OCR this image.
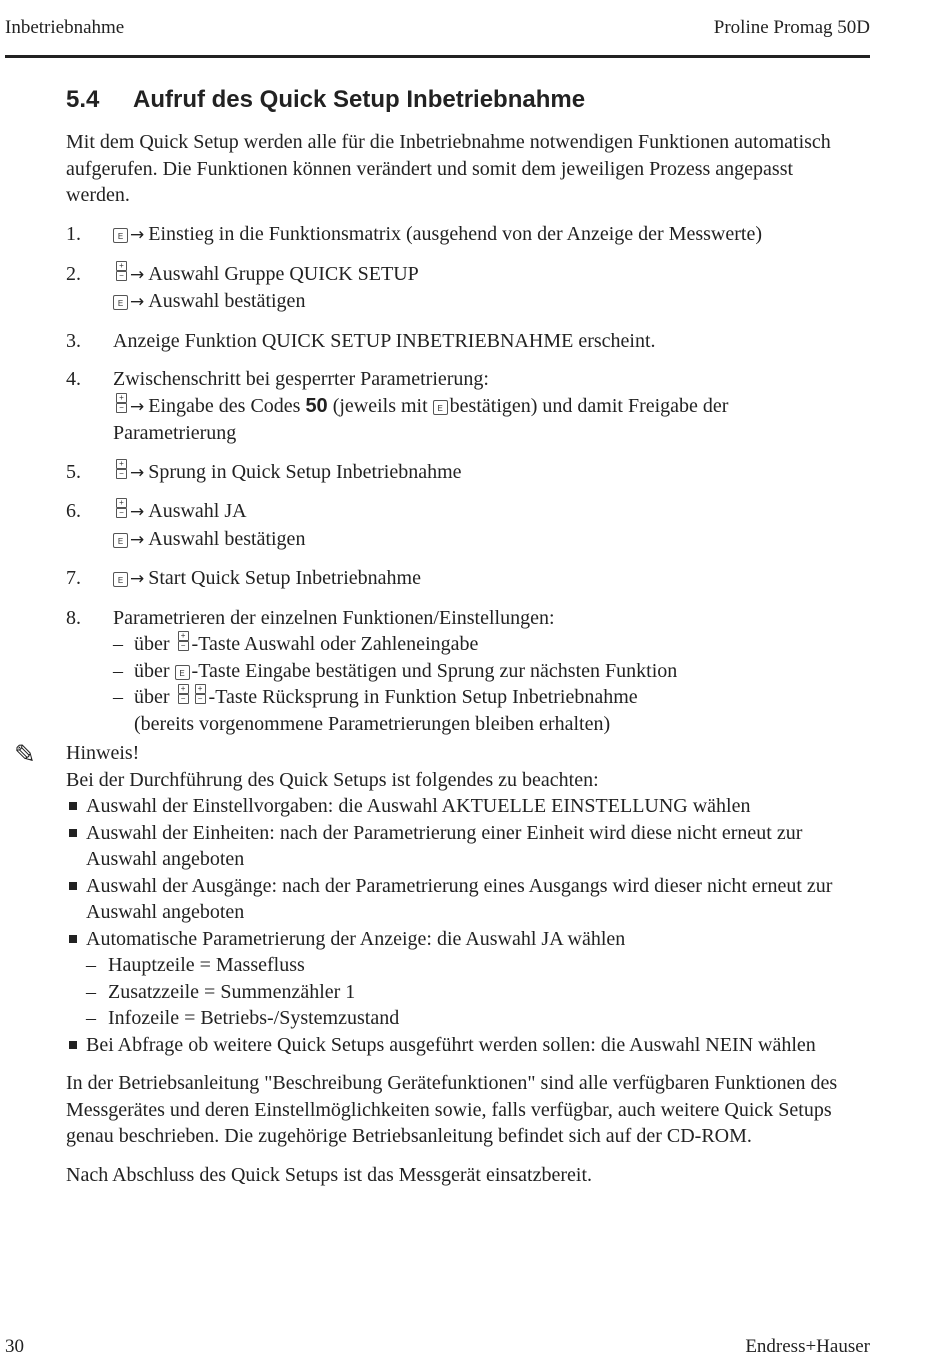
Inbetriebnahme	Proline Promag 50D
5.4 Aufruf des Quick Setup Inbetriebnahme

Mit dem Quick Setup werden alle für die Inbetriebnahme notwendigen Funktionen automatisch
aufgerufen. Die Funktionen können verändert und somit dem jeweiligen Prozess angepasst
werden.

1.	E → Einstieg in die Funktionsmatrix (ausgehend von der Anzeige der Messwerte)
2. + −	→ Auswahl Gruppe QUICK SETUP
E → Auswahl bestätigen
3. Anzeige Funktion QUICK SETUP INBETRIEBNAHME erscheint.
4. Zwischenschritt bei gesperrter Parametrierung:
+ −→ Eingabe des Codes 50 (jeweils mit E bestätigen) und damit Freigabe der
Parametrierung
5. + −	→ Sprung in Quick Setup Inbetriebnahme
6. + −	→ Auswahl JA
E → Auswahl bestätigen
7.	E → Start Quick Setup Inbetriebnahme
8. Parametrieren der einzelnen Funktionen/Einstellungen:
– über + − -Taste Auswahl oder Zahleneingabe
– über E -Taste Eingabe bestätigen und Sprung zur nächsten Funktion
– über + − + − -Taste Rücksprung in Funktion Setup Inbetriebnahme
(bereits vorgenommene Parametrierungen bleiben erhalten)
✎ Hinweis!
Bei der Durchführung des Quick Setups ist folgendes zu beachten:
Auswahl der Einstellvorgaben: die Auswahl AKTUELLE EINSTELLUNG wählen
Auswahl der Einheiten: nach der Parametrierung einer Einheit wird diese nicht erneut zur
Auswahl angeboten
Auswahl der Ausgänge: nach der Parametrierung eines Ausgangs wird dieser nicht erneut zur
Auswahl angeboten
Automatische Parametrierung der Anzeige: die Auswahl JA wählen
– Hauptzeile = Massefluss
– Zusatzzeile = Summenzähler 1
– Infozeile = Betriebs-/Systemzustand
Bei Abfrage ob weitere Quick Setups ausgeführt werden sollen: die Auswahl NEIN wählen

In der Betriebsanleitung "Beschreibung Gerätefunktionen" sind alle verfügbaren Funktionen des
Messgerätes und deren Einstellmöglichkeiten sowie, falls verfügbar, auch weitere Quick Setups
genau beschrieben. Die zugehörige Betriebsanleitung befindet sich auf der CD-ROM.

Nach Abschluss des Quick Setups ist das Messgerät einsatzbereit.

30	Endress+Hauser
